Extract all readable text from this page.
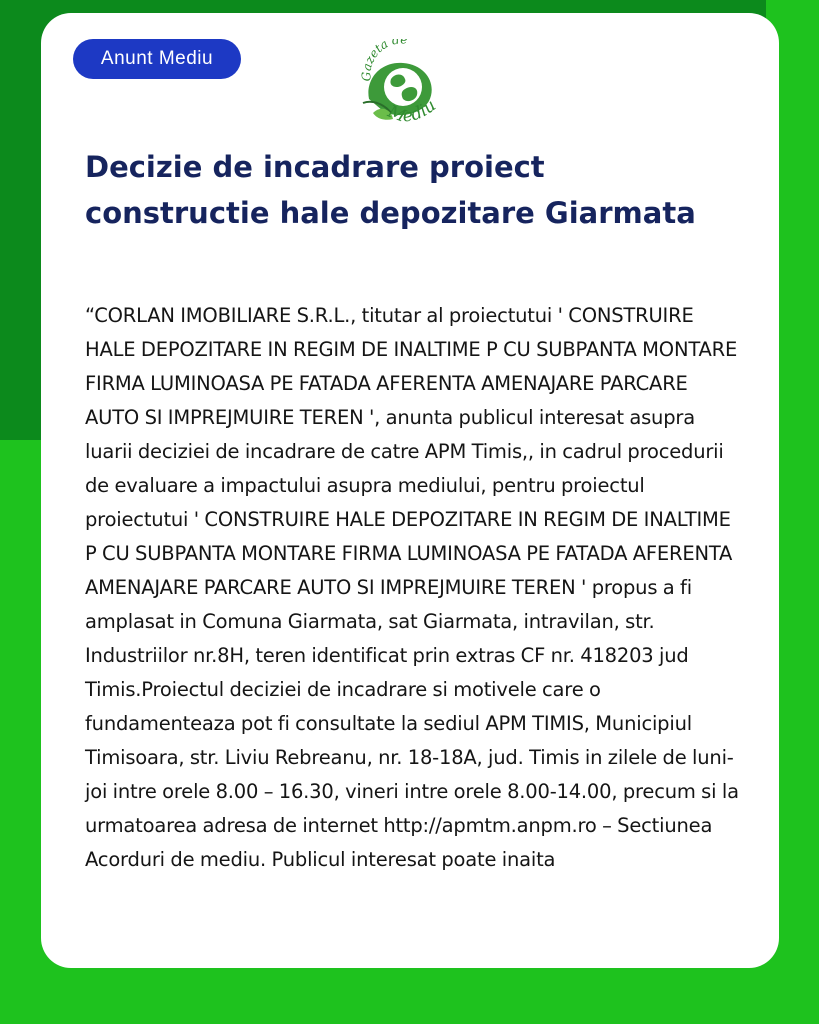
Anunt Mediu
Gazeta de
Mediu
Decizie de incadrare proiect constructie hale depozitare Giarmata

“CORLAN IMOBILIARE S.R.L., titutar al proiectutui ' CONSTRUIRE HALE DEPOZITARE IN REGIM DE INALTIME P CU SUBPANTA MONTARE FIRMA LUMINOASA PE FATADA AFERENTA AMENAJARE PARCARE AUTO SI IMPREJMUIRE TEREN ', anunta publicul interesat asupra luarii deciziei de incadrare de catre APM Timis,, in cadrul procedurii de evaluare a impactului asupra mediului, pentru proiectul proiectutui ' CONSTRUIRE HALE DEPOZITARE IN REGIM DE INALTIME P CU SUBPANTA MONTARE FIRMA LUMINOASA PE FATADA AFERENTA AMENAJARE PARCARE AUTO SI IMPREJMUIRE TEREN ' propus a fi amplasat in Comuna Giarmata, sat Giarmata, intravilan, str. Industriilor nr.8H, teren identificat prin extras CF nr. 418203 jud Timis.Proiectul deciziei de incadrare si motivele care o fundamenteaza pot fi consultate la sediul APM TIMIS, Municipiul Timisoara, str. Liviu Rebreanu, nr. 18-18A, jud. Timis in zilele de luni- joi intre orele 8.00 – 16.30, vineri intre orele 8.00-14.00, precum si la urmatoarea adresa de internet http://apmtm.anpm.ro – Sectiunea Acorduri de mediu. Publicul interesat poate inaita
